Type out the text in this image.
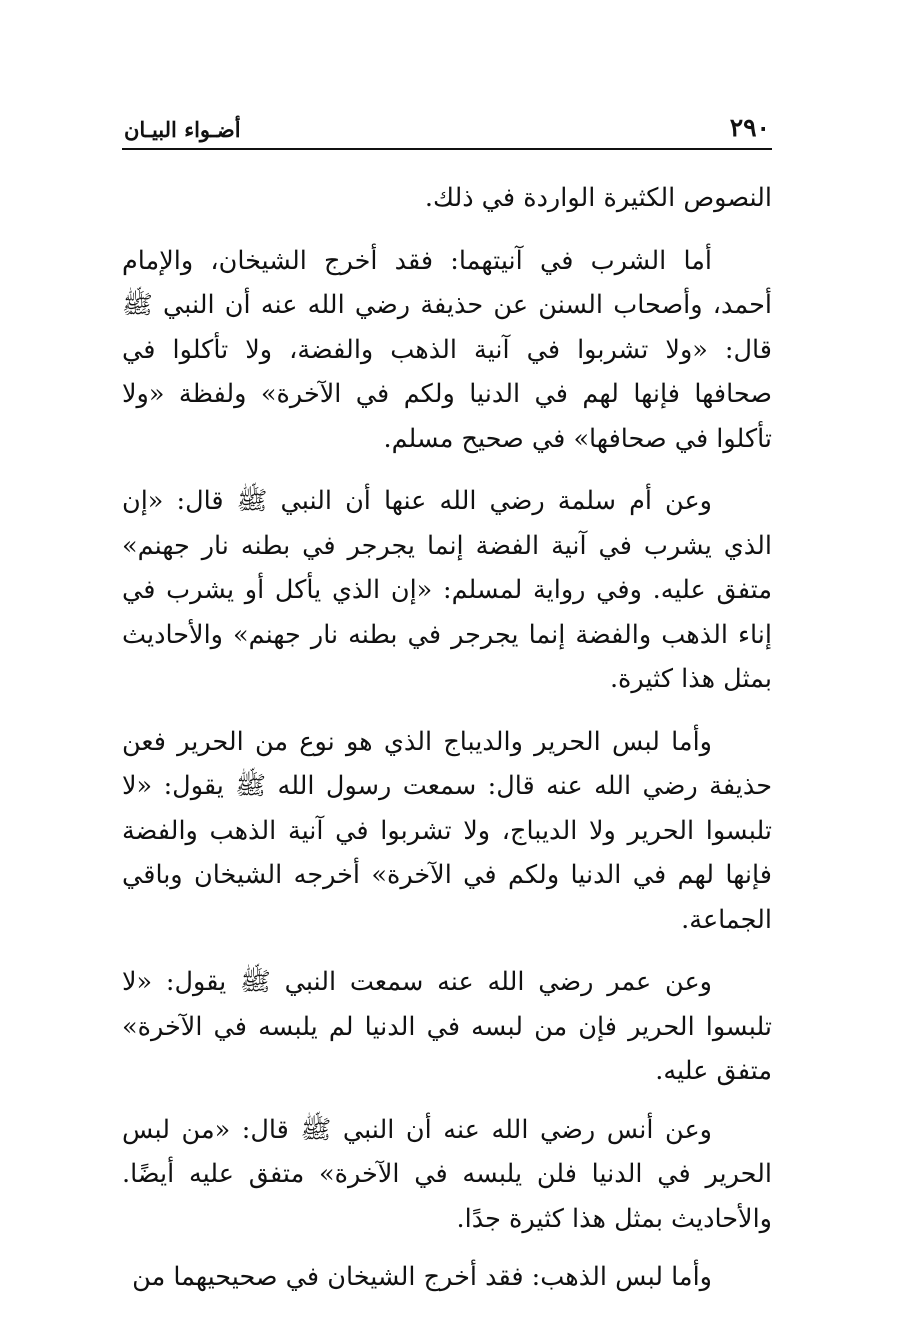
٢٩٠
أضـواء البيـان

النصوص الكثيرة الواردة في ذلك.

أما الشرب في آنيتهما: فقد أخرج الشيخان، والإمام أحمد، وأصحاب السنن عن حذيفة رضي الله عنه أن النبي ﷺ قال: «ولا تشربوا في آنية الذهب والفضة، ولا تأكلوا في صحافها فإنها لهم في الدنيا ولكم في الآخرة» ولفظة «ولا تأكلوا في صحافها» في صحيح مسلم.

وعن أم سلمة رضي الله عنها أن النبي ﷺ قال: «إن الذي يشرب في آنية الفضة إنما يجرجر في بطنه نار جهنم» متفق عليه. وفي رواية لمسلم: «إن الذي يأكل أو يشرب في إناء الذهب والفضة إنما يجرجر في بطنه نار جهنم» والأحاديث بمثل هذا كثيرة.

وأما لبس الحرير والديباج الذي هو نوع من الحرير فعن حذيفة رضي الله عنه قال: سمعت رسول الله ﷺ يقول: «لا تلبسوا الحرير ولا الديباج، ولا تشربوا في آنية الذهب والفضة فإنها لهم في الدنيا ولكم في الآخرة» أخرجه الشيخان وباقي الجماعة.

وعن عمر رضي الله عنه سمعت النبي ﷺ يقول: «لا تلبسوا الحرير فإن من لبسه في الدنيا لم يلبسه في الآخرة» متفق عليه.

وعن أنس رضي الله عنه أن النبي ﷺ قال: «من لبس الحرير في الدنيا فلن يلبسه في الآخرة» متفق عليه أيضًا. والأحاديث بمثل هذا كثيرة جدًا.

وأما لبس الذهب: فقد أخرج الشيخان في صحيحيهما من
